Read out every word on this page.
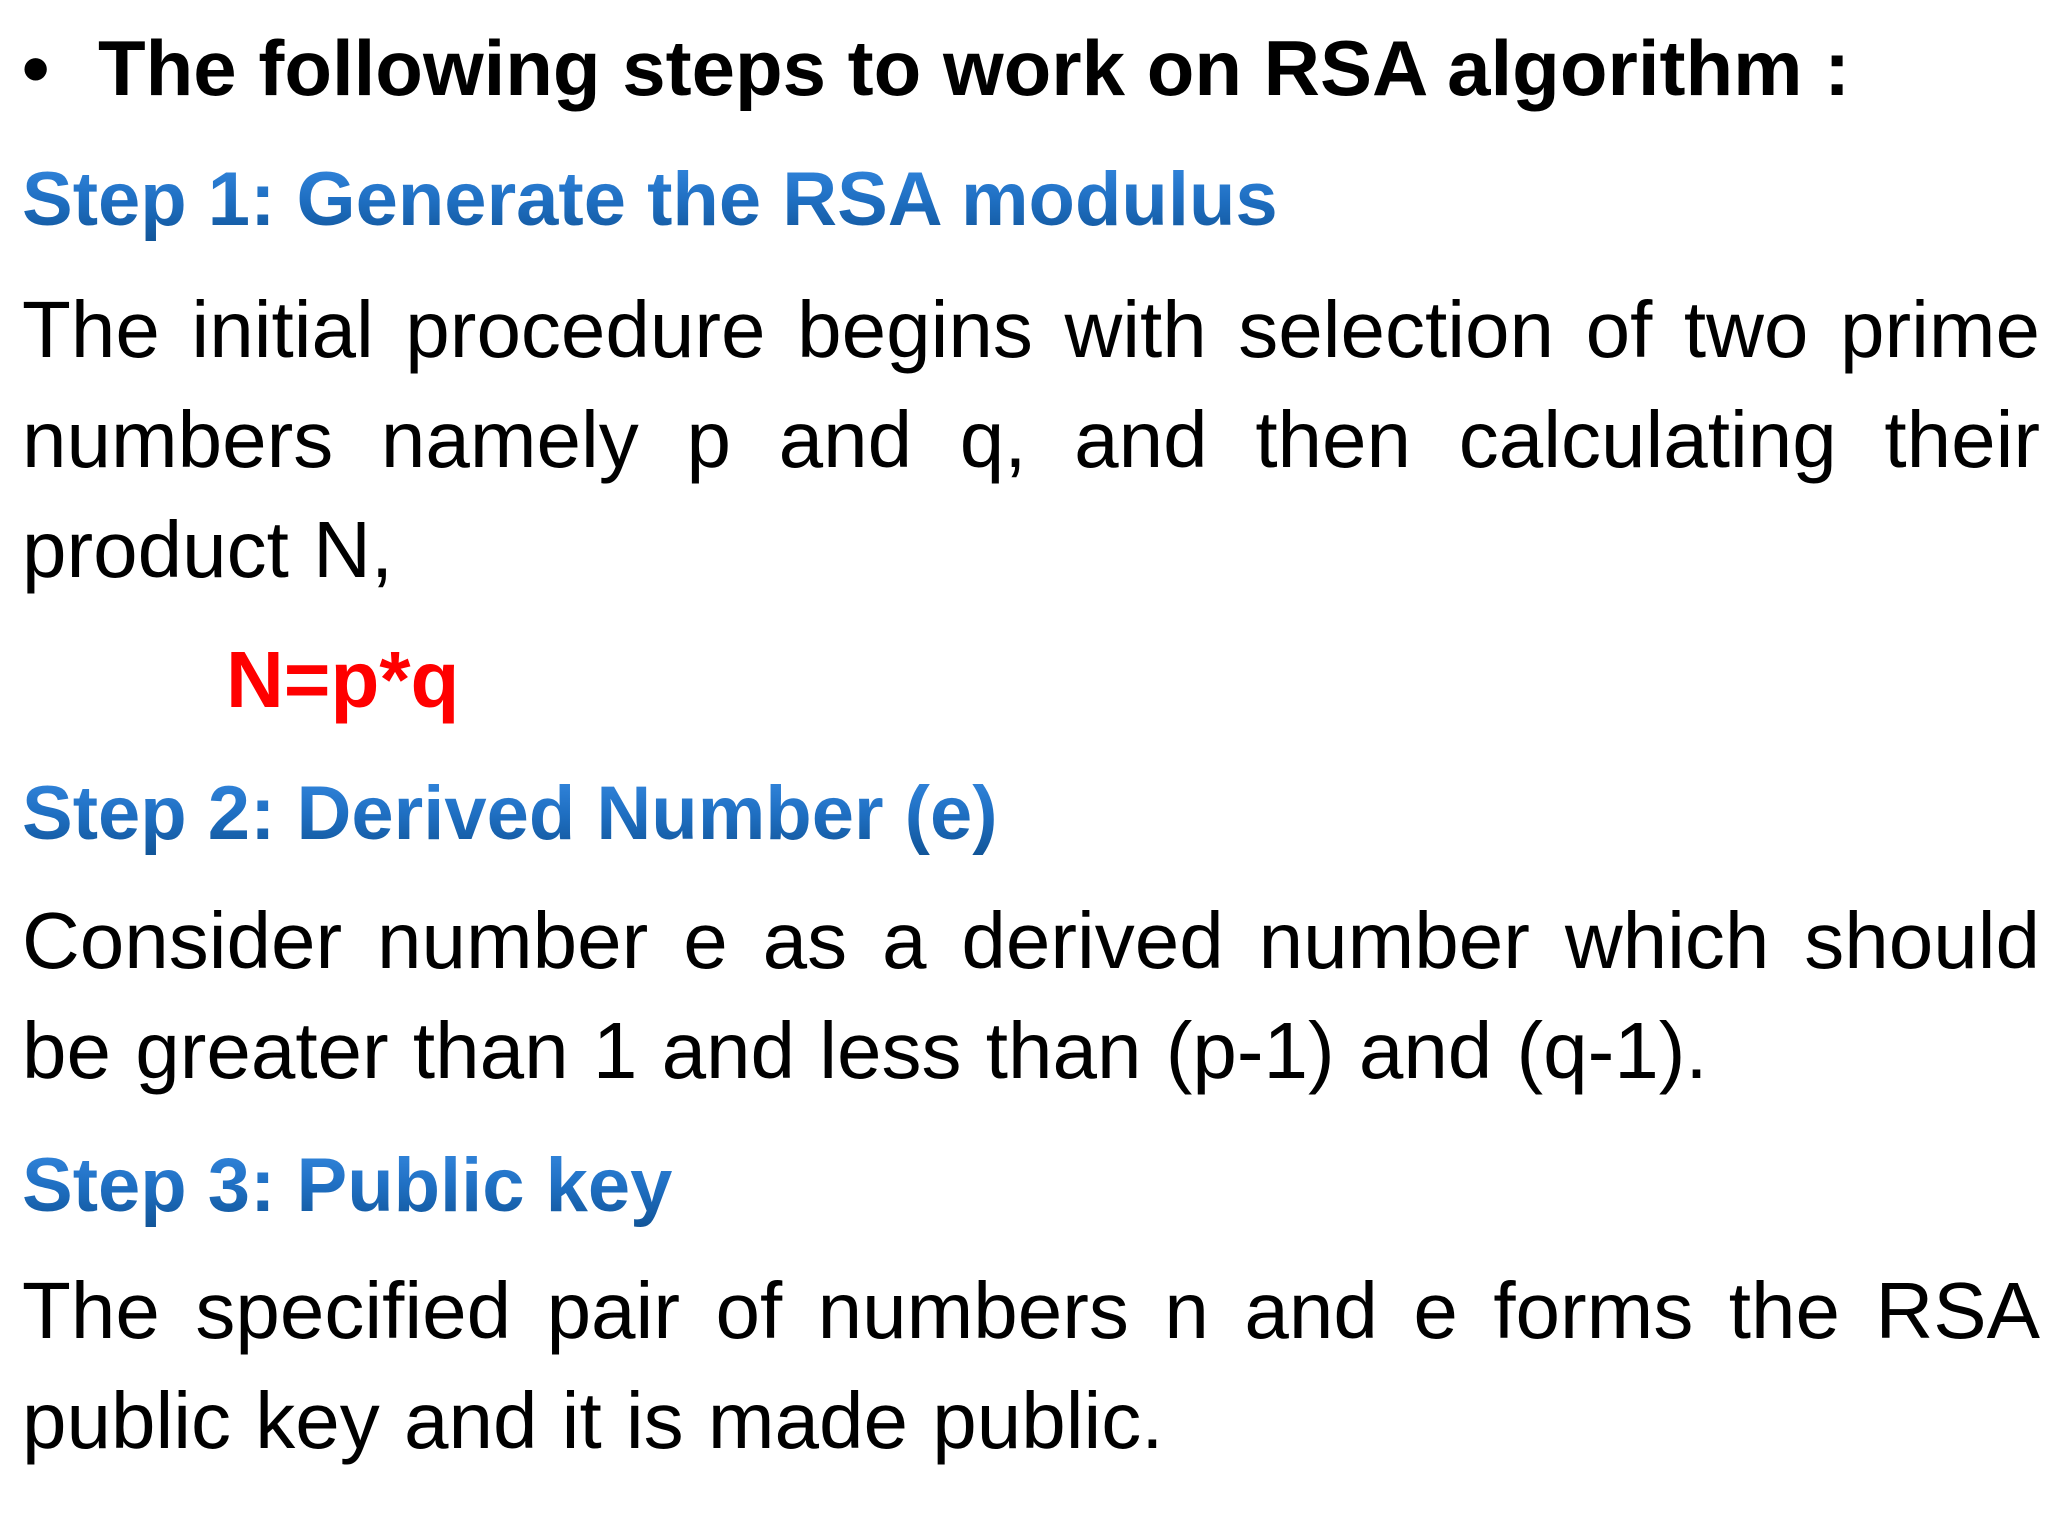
• The following steps to work on RSA algorithm :
Step 1: Generate the RSA modulus
The initial procedure begins with selection of two prime numbers namely p and q, and then calculating their product N,
N=p*q
Step 2: Derived Number (e)
Consider number e as a derived number which should be greater than 1 and less than (p-1) and (q-1).
Step 3: Public key
The specified pair of numbers n and e forms the RSA public key and it is made public.
